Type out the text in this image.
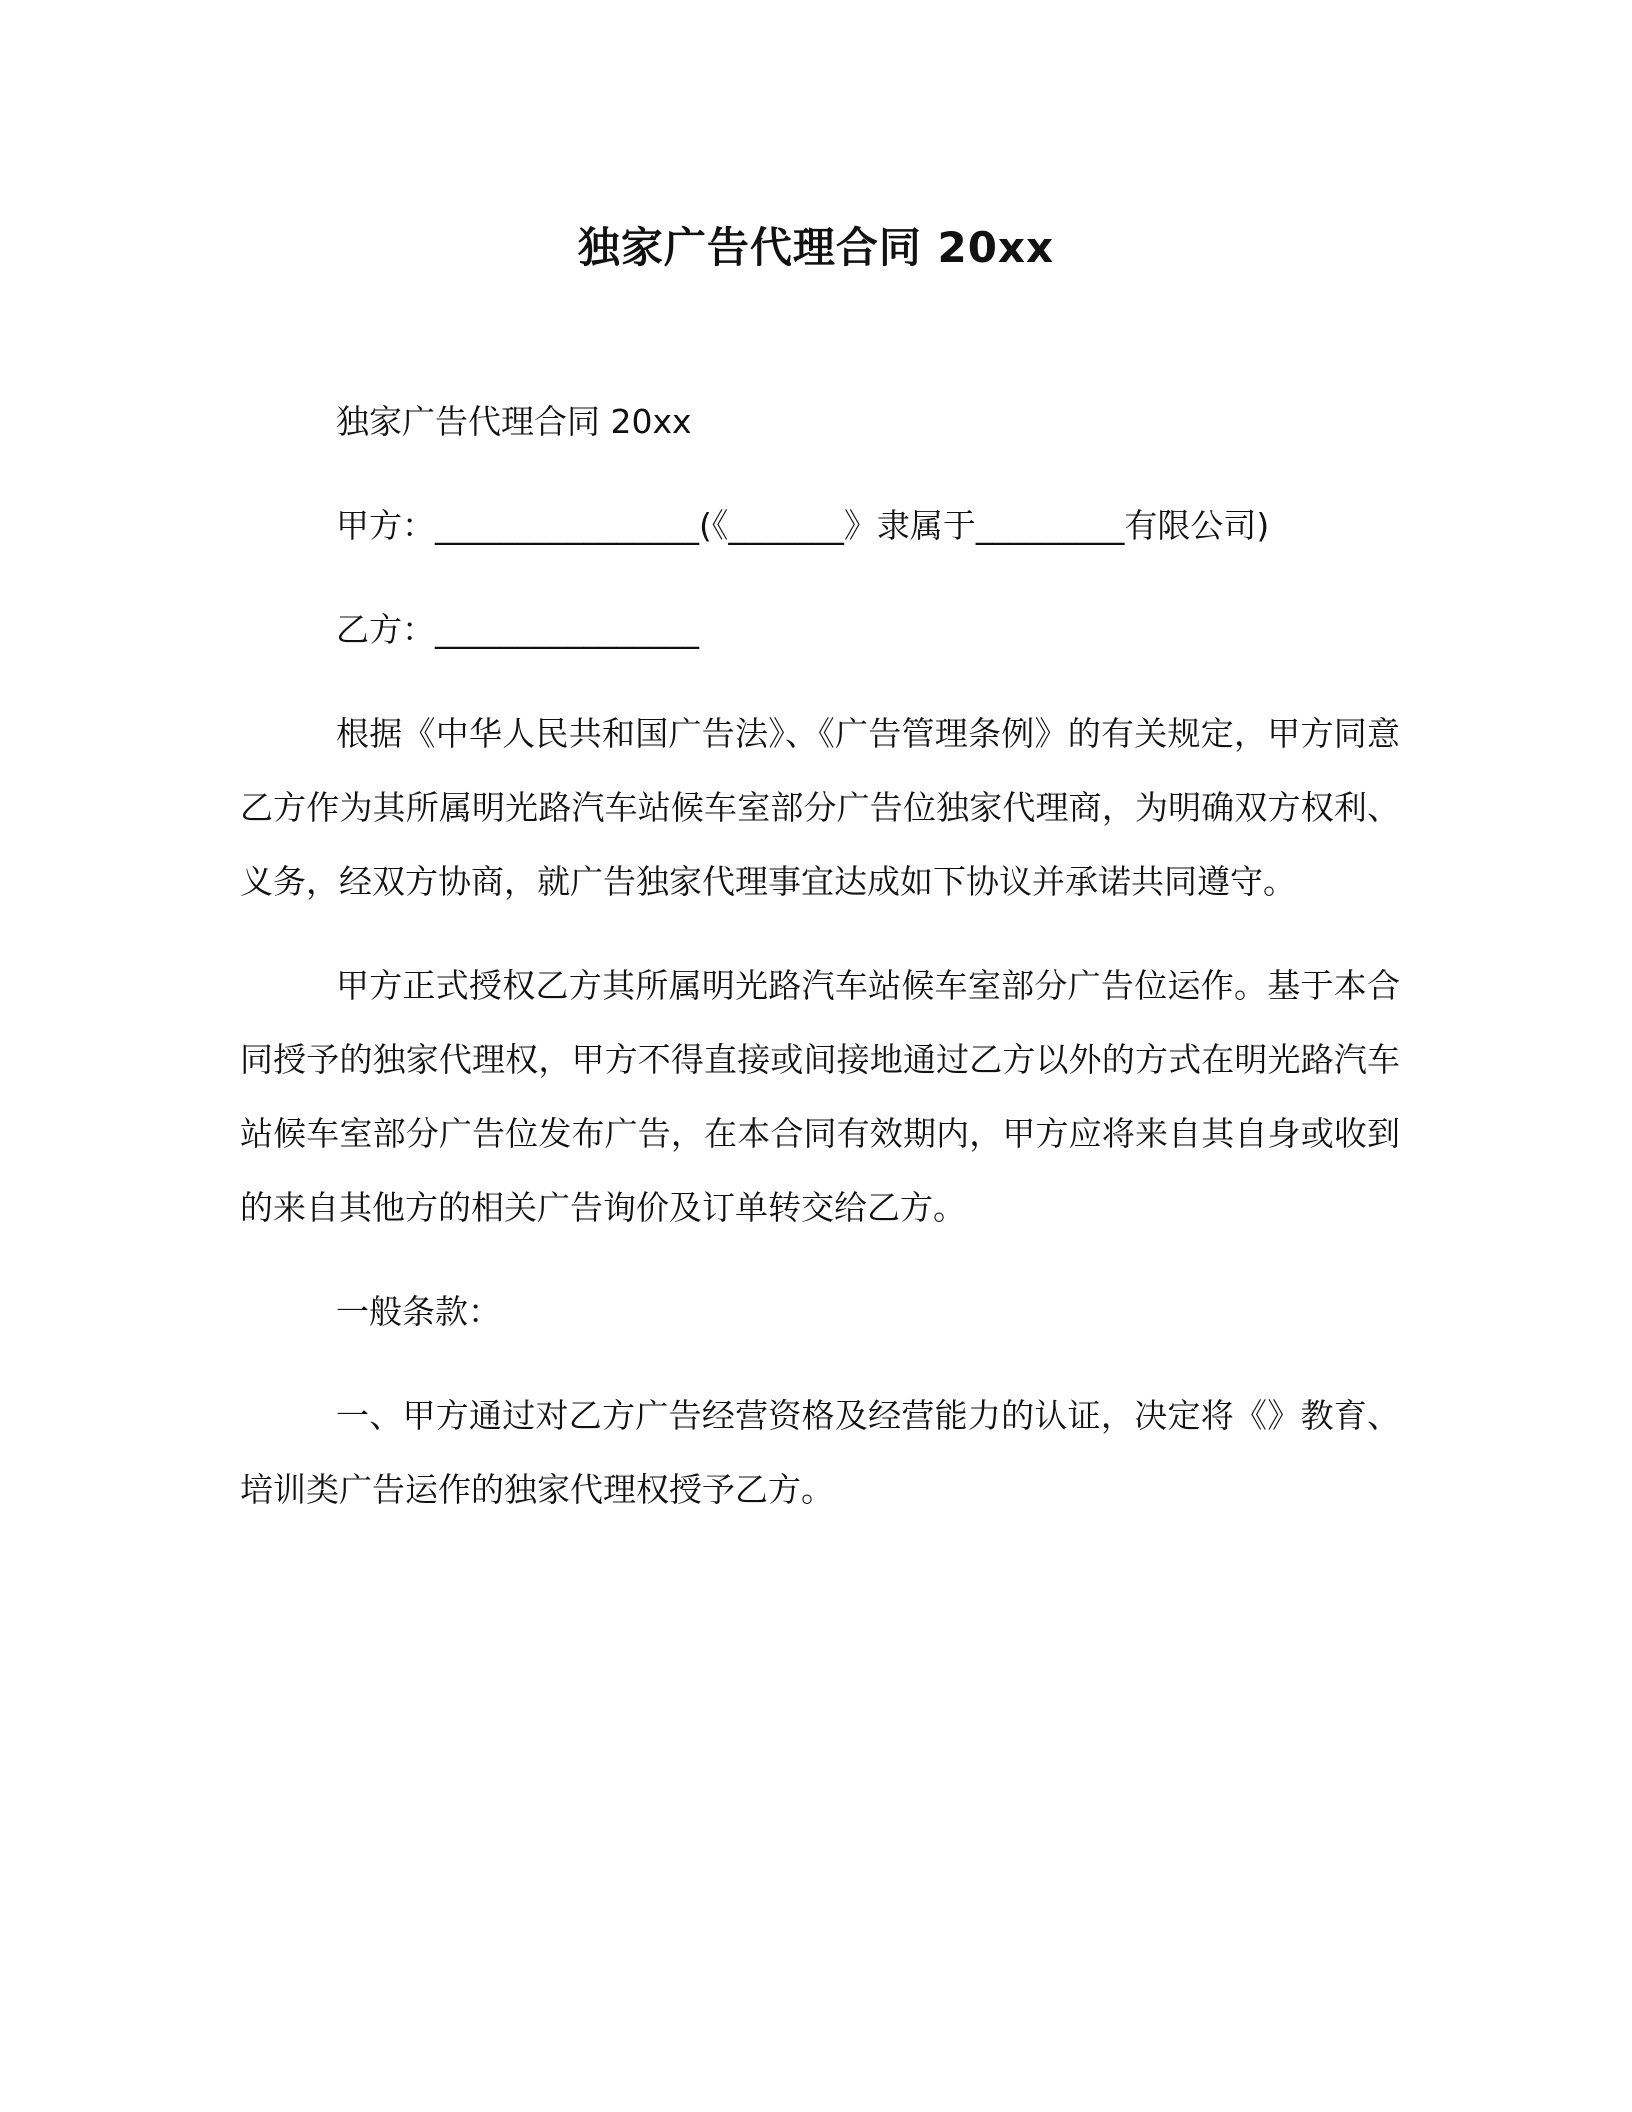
独家广告代理合同 20xx

独家广告代理合同 20xx

甲方：________________(《_______》隶属于_________有限公司)

乙方：________________

根据《中华人民共和国广告法》、《广告管理条例》的有关规定，甲方同意乙方作为其所属明光路汽车站候车室部分广告位独家代理商，为明确双方权利、义务，经双方协商，就广告独家代理事宜达成如下协议并承诺共同遵守。

甲方正式授权乙方其所属明光路汽车站候车室部分广告位运作。基于本合同授予的独家代理权，甲方不得直接或间接地通过乙方以外的方式在明光路汽车站候车室部分广告位发布广告，在本合同有效期内，甲方应将来自其自身或收到的来自其他方的相关广告询价及订单转交给乙方。

一般条款：

一、甲方通过对乙方广告经营资格及经营能力的认证，决定将《》教育、培训类广告运作的独家代理权授予乙方。
